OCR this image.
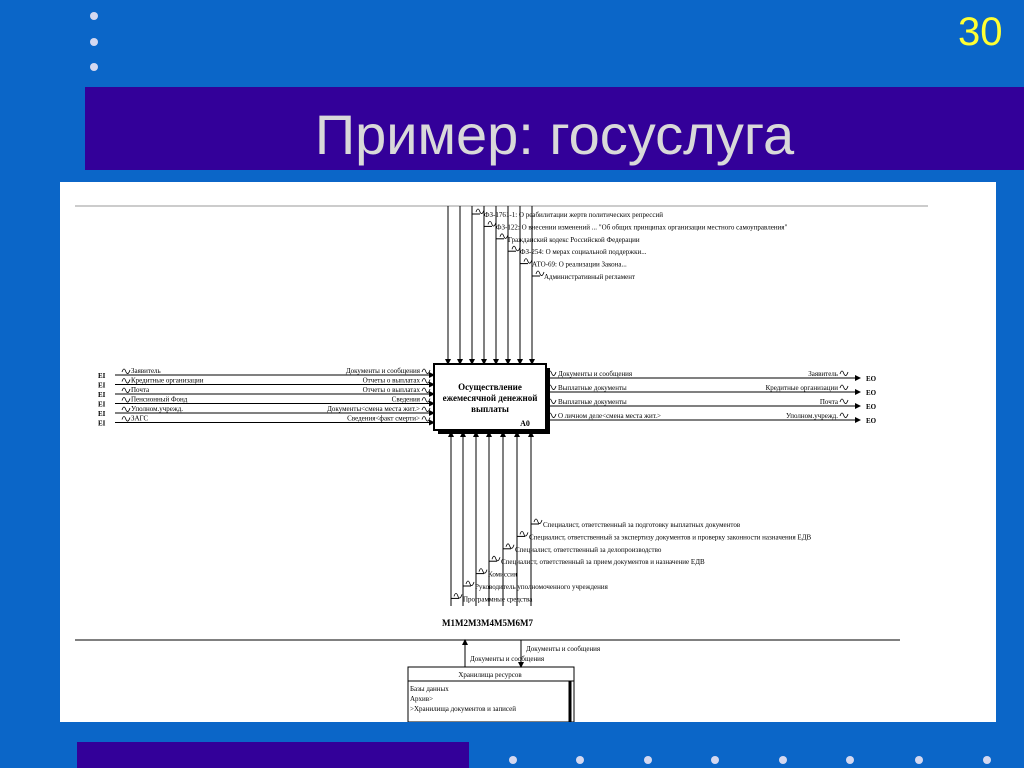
30
Пример: госуслуга
ФЗ-1761-1: О реабилитации жертв политических репрессий
ФЗ-122: О внесении изменений ... "Об общих принципах организации местного самоуправления"
Гражданский кодекс Российской Федерации
ФЗ-254: О мерах социальной поддержки...
АТО-69: О реализации Закона...
Административный регламент
EI
Заявитель	Документы и сообщения
EI
Кредитные организации	Отчеты о выплатах
EI
Почта	Отчеты о выплатах
EI
Пенсионный Фонд	Сведения
EI
Уполном.учрежд.	Документы<смена места жит.>
EI
ЗАГС	Сведения<факт смерти>
Осуществление
ежемесячной денежной
выплаты
A0
Документы и сообщения	Заявитель
EO
Выплатные документы	Кредитные организации
EO
Выплатные документы	Почта
EO
О личном деле<смена места жит.>	Уполном.учрежд.
EO
Специалист, ответственный за подготовку выплатных документов
Специалист, ответственный за экспертизу документов и проверку законности назначения ЕДВ
Специалист, ответственный за делопроизводство
Специалист, ответственный за прием документов и назначение ЕДВ
Комиссия
Руководитель уполномоченного учреждения
Программные средства
M1M2M3M4M5M6M7
Хранилища ресурсов
Базы данных
Архив>
>Хранилища документов и записей
Документы и сообщения
Документы и сообщения
